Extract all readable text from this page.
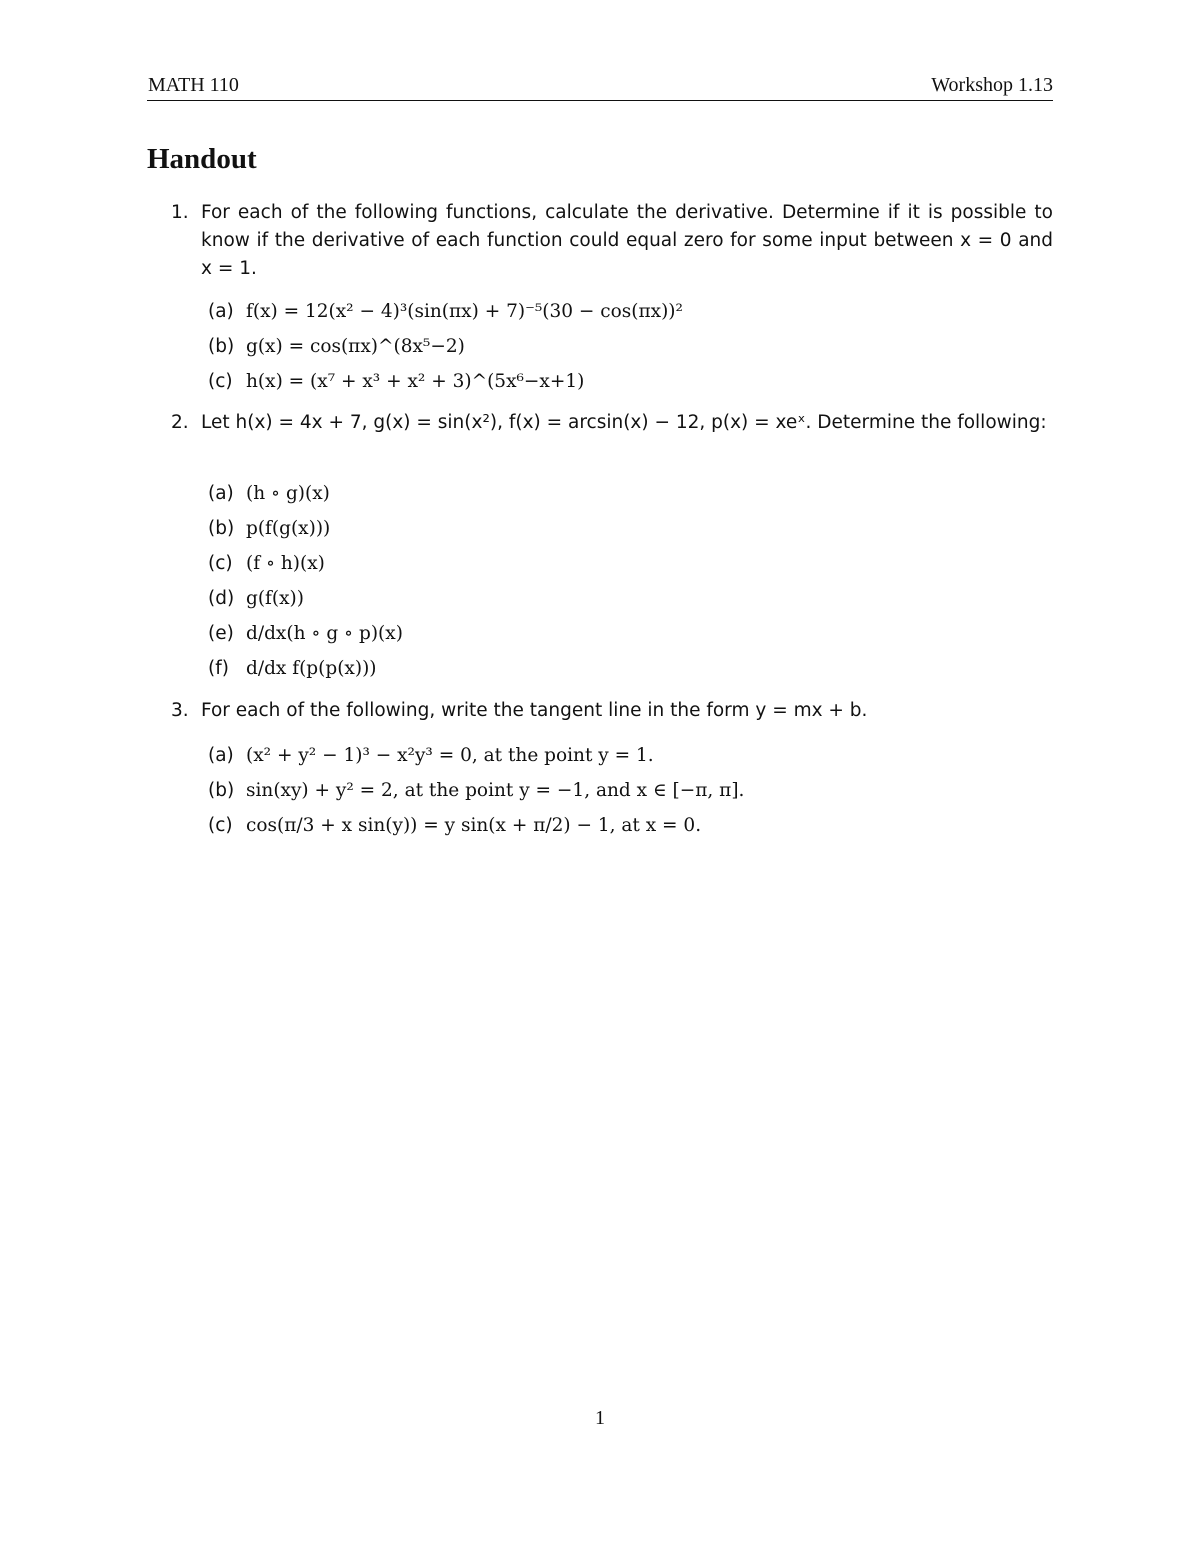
MATH 110	Workshop 1.13
Handout
1. For each of the following functions, calculate the derivative. Determine if it is possible to know if the derivative of each function could equal zero for some input between x = 0 and x = 1.
(a) f(x) = 12(x² − 4)³(sin(πx) + 7)⁻⁵(30 − cos(πx))²
(b) g(x) = cos(πx)^(8x⁵−2)
(c) h(x) = (x⁷ + x³ + x² + 3)^(5x⁶−x+1)
2. Let h(x) = 4x + 7, g(x) = sin(x²), f(x) = arcsin(x) − 12, p(x) = xeˣ. Determine the following:
(a) (h ∘ g)(x)
(b) p(f(g(x)))
(c) (f ∘ h)(x)
(d) g(f(x))
(e) d/dx(h ∘ g ∘ p)(x)
(f) d/dx f(p(p(x)))
3. For each of the following, write the tangent line in the form y = mx + b.
(a) (x² + y² − 1)³ − x²y³ = 0, at the point y = 1.
(b) sin(xy) + y² = 2, at the point y = −1, and x ∈ [−π, π].
(c) cos(π/3 + x sin(y)) = y sin(x + π/2) − 1, at x = 0.
1
